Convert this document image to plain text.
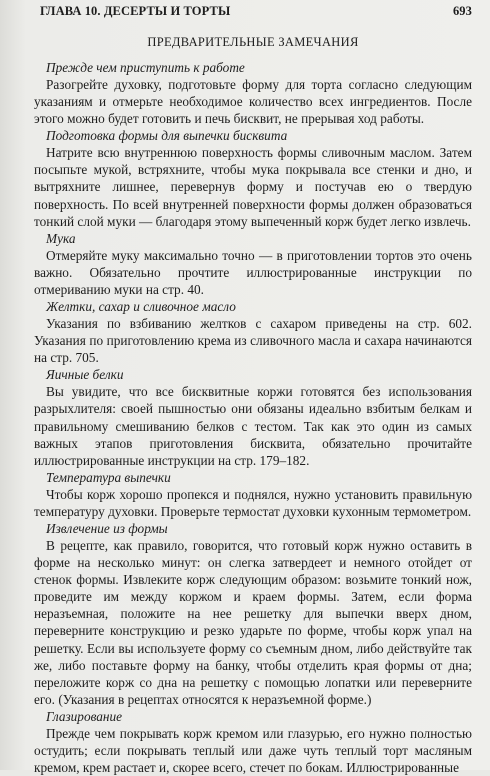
ГЛАВА 10. ДЕСЕРТЫ И ТОРТЫ	693
ПРЕДВАРИТЕЛЬНЫЕ ЗАМЕЧАНИЯ

Прежде чем приступить к работе

Разогрейте духовку, подготовьте форму для торта согласно следующим указаниям и отмерьте необходимое количество всех ингредиентов. После этого можно будет готовить и печь бисквит, не прерывая ход работы.

Подготовка формы для выпечки бисквита

Натрите всю внутреннюю поверхность формы сливочным маслом. Затем посыпьте мукой, встряхните, чтобы мука покрывала все стенки и дно, и вытряхните лишнее, перевернув форму и постучав ею о твердую поверхность. По всей внутренней поверхности формы должен образоваться тонкий слой муки — благодаря этому выпеченный корж будет легко извлечь.

Мука

Отмеряйте муку максимально точно — в приготовлении тортов это очень важно. Обязательно прочтите иллюстрированные инструкции по отмериванию муки на стр. 40.

Желтки, сахар и сливочное масло

Указания по взбиванию желтков с сахаром приведены на стр. 602. Указания по приготовлению крема из сливочного масла и сахара начинаются на стр. 705.

Яичные белки

Вы увидите, что все бисквитные коржи готовятся без использования разрыхлителя: своей пышностью они обязаны идеально взбитым белкам и правильному смешиванию белков с тестом. Так как это один из самых важных этапов приготовления бисквита, обязательно прочитайте иллюстрированные инструкции на стр. 179–182.

Температура выпечки

Чтобы корж хорошо пропекся и поднялся, нужно установить правильную температуру духовки. Проверьте термостат духовки кухонным термометром.

Извлечение из формы

В рецепте, как правило, говорится, что готовый корж нужно оставить в форме на несколько минут: он слегка затвердеет и немного отойдет от стенок формы. Извлеките корж следующим образом: возьмите тонкий нож, проведите им между коржом и краем формы. Затем, если форма неразъемная, положите на нее решетку для выпечки вверх дном, переверните конструкцию и резко ударьте по форме, чтобы корж упал на решетку. Если вы используете форму со съемным дном, либо действуйте так же, либо поставьте форму на банку, чтобы отделить края формы от дна; переложите корж со дна на решетку с помощью лопатки или переверните его. (Указания в рецептах относятся к неразъемной форме.)

Глазирование

Прежде чем покрывать корж кремом или глазурью, его нужно полностью остудить; если покрывать теплый или даже чуть теплый торт масляным кремом, крем растает и, скорее всего, стечет по бокам. Иллюстрированные
